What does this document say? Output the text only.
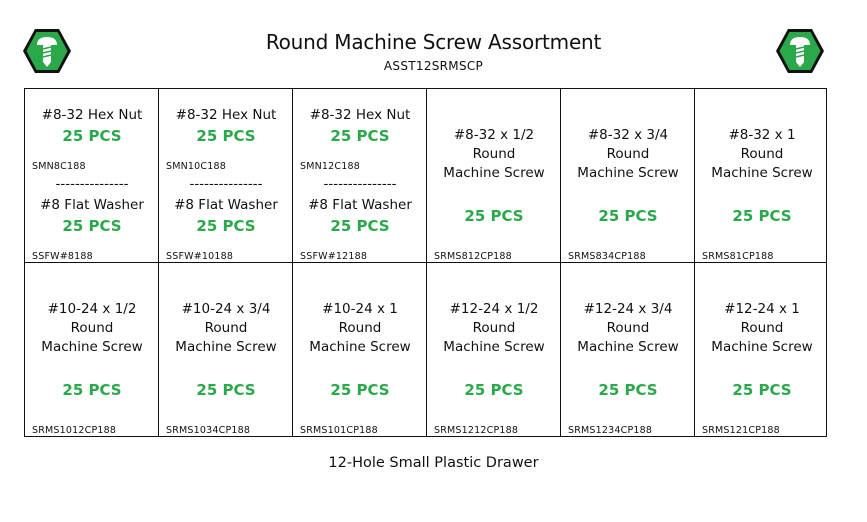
Round Machine Screw Assortment
ASST12SRMSCP
#8-32 Hex Nut
25 PCS
SMN8C188
---------------
#8 Flat Washer
25 PCS
SSFW#8188
#8-32 Hex Nut
25 PCS
SMN10C188
---------------
#8 Flat Washer
25 PCS
SSFW#10188
#8-32 Hex Nut
25 PCS
SMN12C188
---------------
#8 Flat Washer
25 PCS
SSFW#12188
#8-32 x 1/2
Round
Machine Screw
25 PCS
SRMS812CP188
#8-32 x 3/4
Round
Machine Screw
25 PCS
SRMS834CP188
#8-32 x 1
Round
Machine Screw
25 PCS
SRMS81CP188
#10-24 x 1/2
Round
Machine Screw
25 PCS
SRMS1012CP188
#10-24 x 3/4
Round
Machine Screw
25 PCS
SRMS1034CP188
#10-24 x 1
Round
Machine Screw
25 PCS
SRMS101CP188
#12-24 x 1/2
Round
Machine Screw
25 PCS
SRMS1212CP188
#12-24 x 3/4
Round
Machine Screw
25 PCS
SRMS1234CP188
#12-24 x 1
Round
Machine Screw
25 PCS
SRMS121CP188
12-Hole Small Plastic Drawer
